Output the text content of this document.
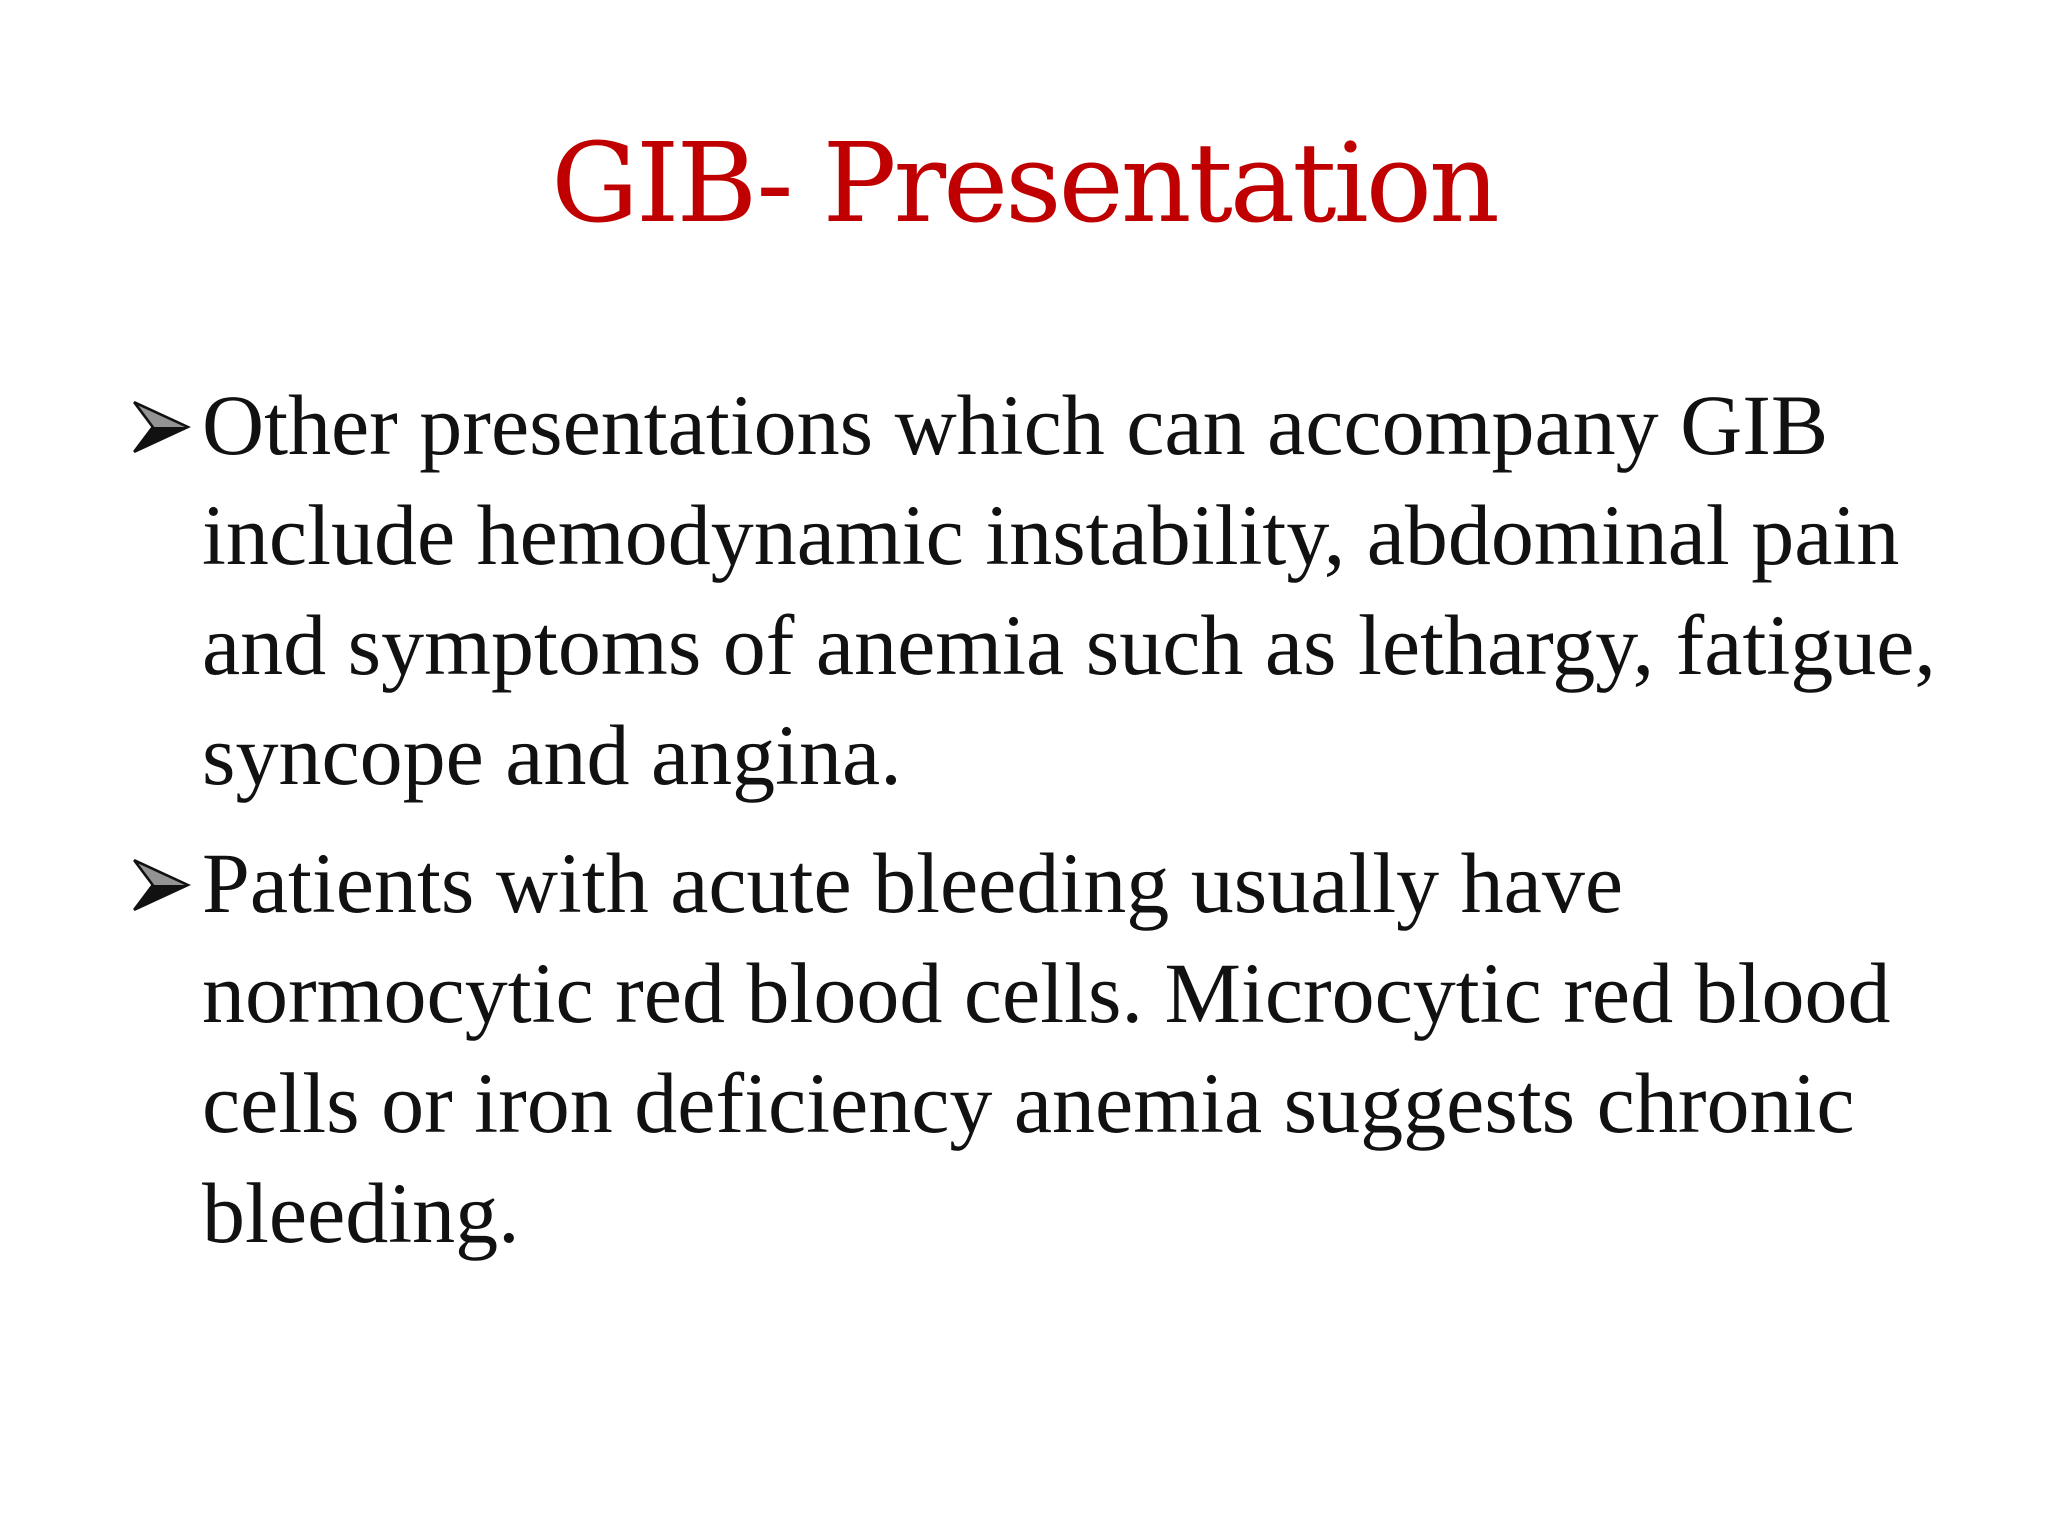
GIB- Presentation
Other presentations which can accompany GIB include hemodynamic instability, abdominal pain and symptoms of anemia such as lethargy, fatigue, syncope and angina.
Patients with acute bleeding usually have normocytic red blood cells. Microcytic red blood cells or iron deficiency anemia suggests chronic bleeding.
